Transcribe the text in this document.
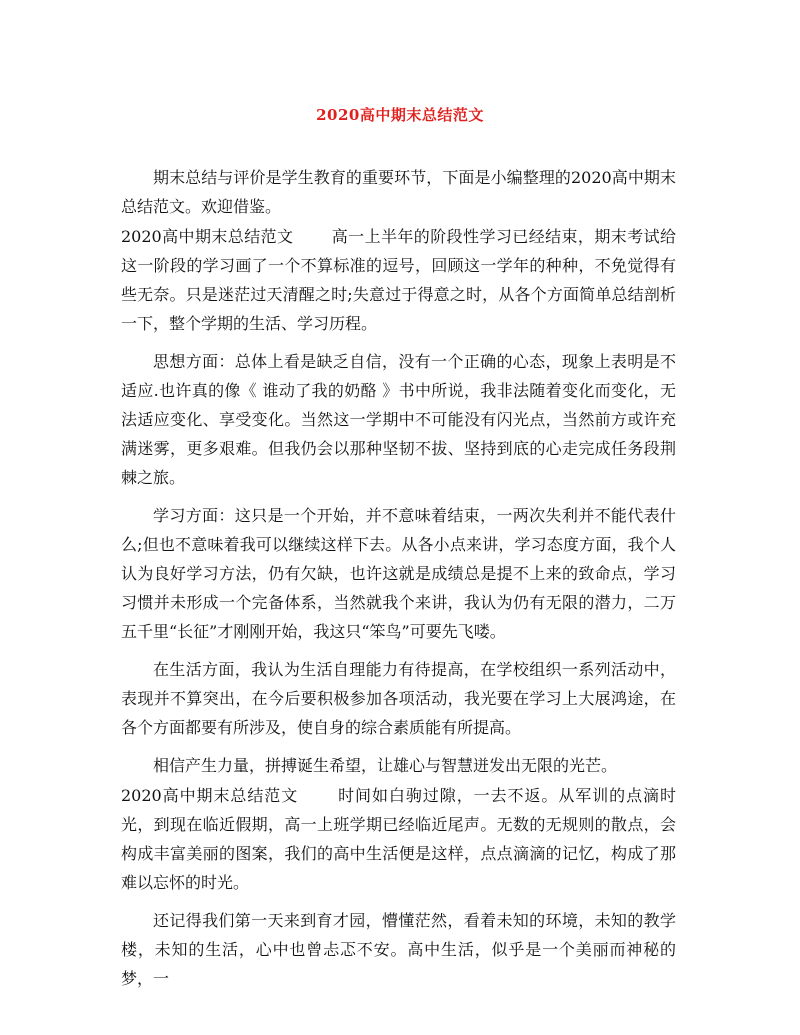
2020高中期末总结范文

期末总结与评价是学生教育的重要环节，下面是小编整理的2020高中期末总结范文。欢迎借鉴。

2020高中期末总结范文　　 高一上半年的阶段性学习已经结束，期末考试给这一阶段的学习画了一个不算标准的逗号，回顾这一学年的种种，不免觉得有些无奈。只是迷茫过天清醒之时;失意过于得意之时，从各个方面简单总结剖析一下，整个学期的生活、学习历程。

思想方面：总体上看是缺乏自信，没有一个正确的心态，现象上表明是不适应.也许真的像《 谁动了我的奶酪 》书中所说，我非法随着变化而变化，无法适应变化、享受变化。当然这一学期中不可能没有闪光点，当然前方或许充满迷雾，更多艰难。但我仍会以那种坚韧不拔、坚持到底的心走完成任务段荆棘之旅。

学习方面：这只是一个开始，并不意味着结束，一两次失利并不能代表什么;但也不意味着我可以继续这样下去。从各小点来讲，学习态度方面，我个人认为良好学习方法，仍有欠缺，也许这就是成绩总是提不上来的致命点，学习习惯并未形成一个完备体系，当然就我个来讲，我认为仍有无限的潜力，二万五千里“长征”才刚刚开始，我这只“笨鸟”可要先飞喽。

在生活方面，我认为生活自理能力有待提高，在学校组织一系列活动中，表现并不算突出，在今后要积极参加各项活动，我光要在学习上大展鸿途，在各个方面都要有所涉及，使自身的综合素质能有所提高。

相信产生力量，拼搏诞生希望，让雄心与智慧迸发出无限的光芒。

2020高中期末总结范文　　 时间如白驹过隙，一去不返。从军训的点滴时光，到现在临近假期，高一上班学期已经临近尾声。无数的无规则的散点，会构成丰富美丽的图案，我们的高中生活便是这样，点点滴滴的记忆，构成了那难以忘怀的时光。

还记得我们第一天来到育才园，懵懂茫然，看着未知的环境，未知的教学楼，未知的生活，心中也曾忐忑不安。高中生活，似乎是一个美丽而神秘的梦，一
